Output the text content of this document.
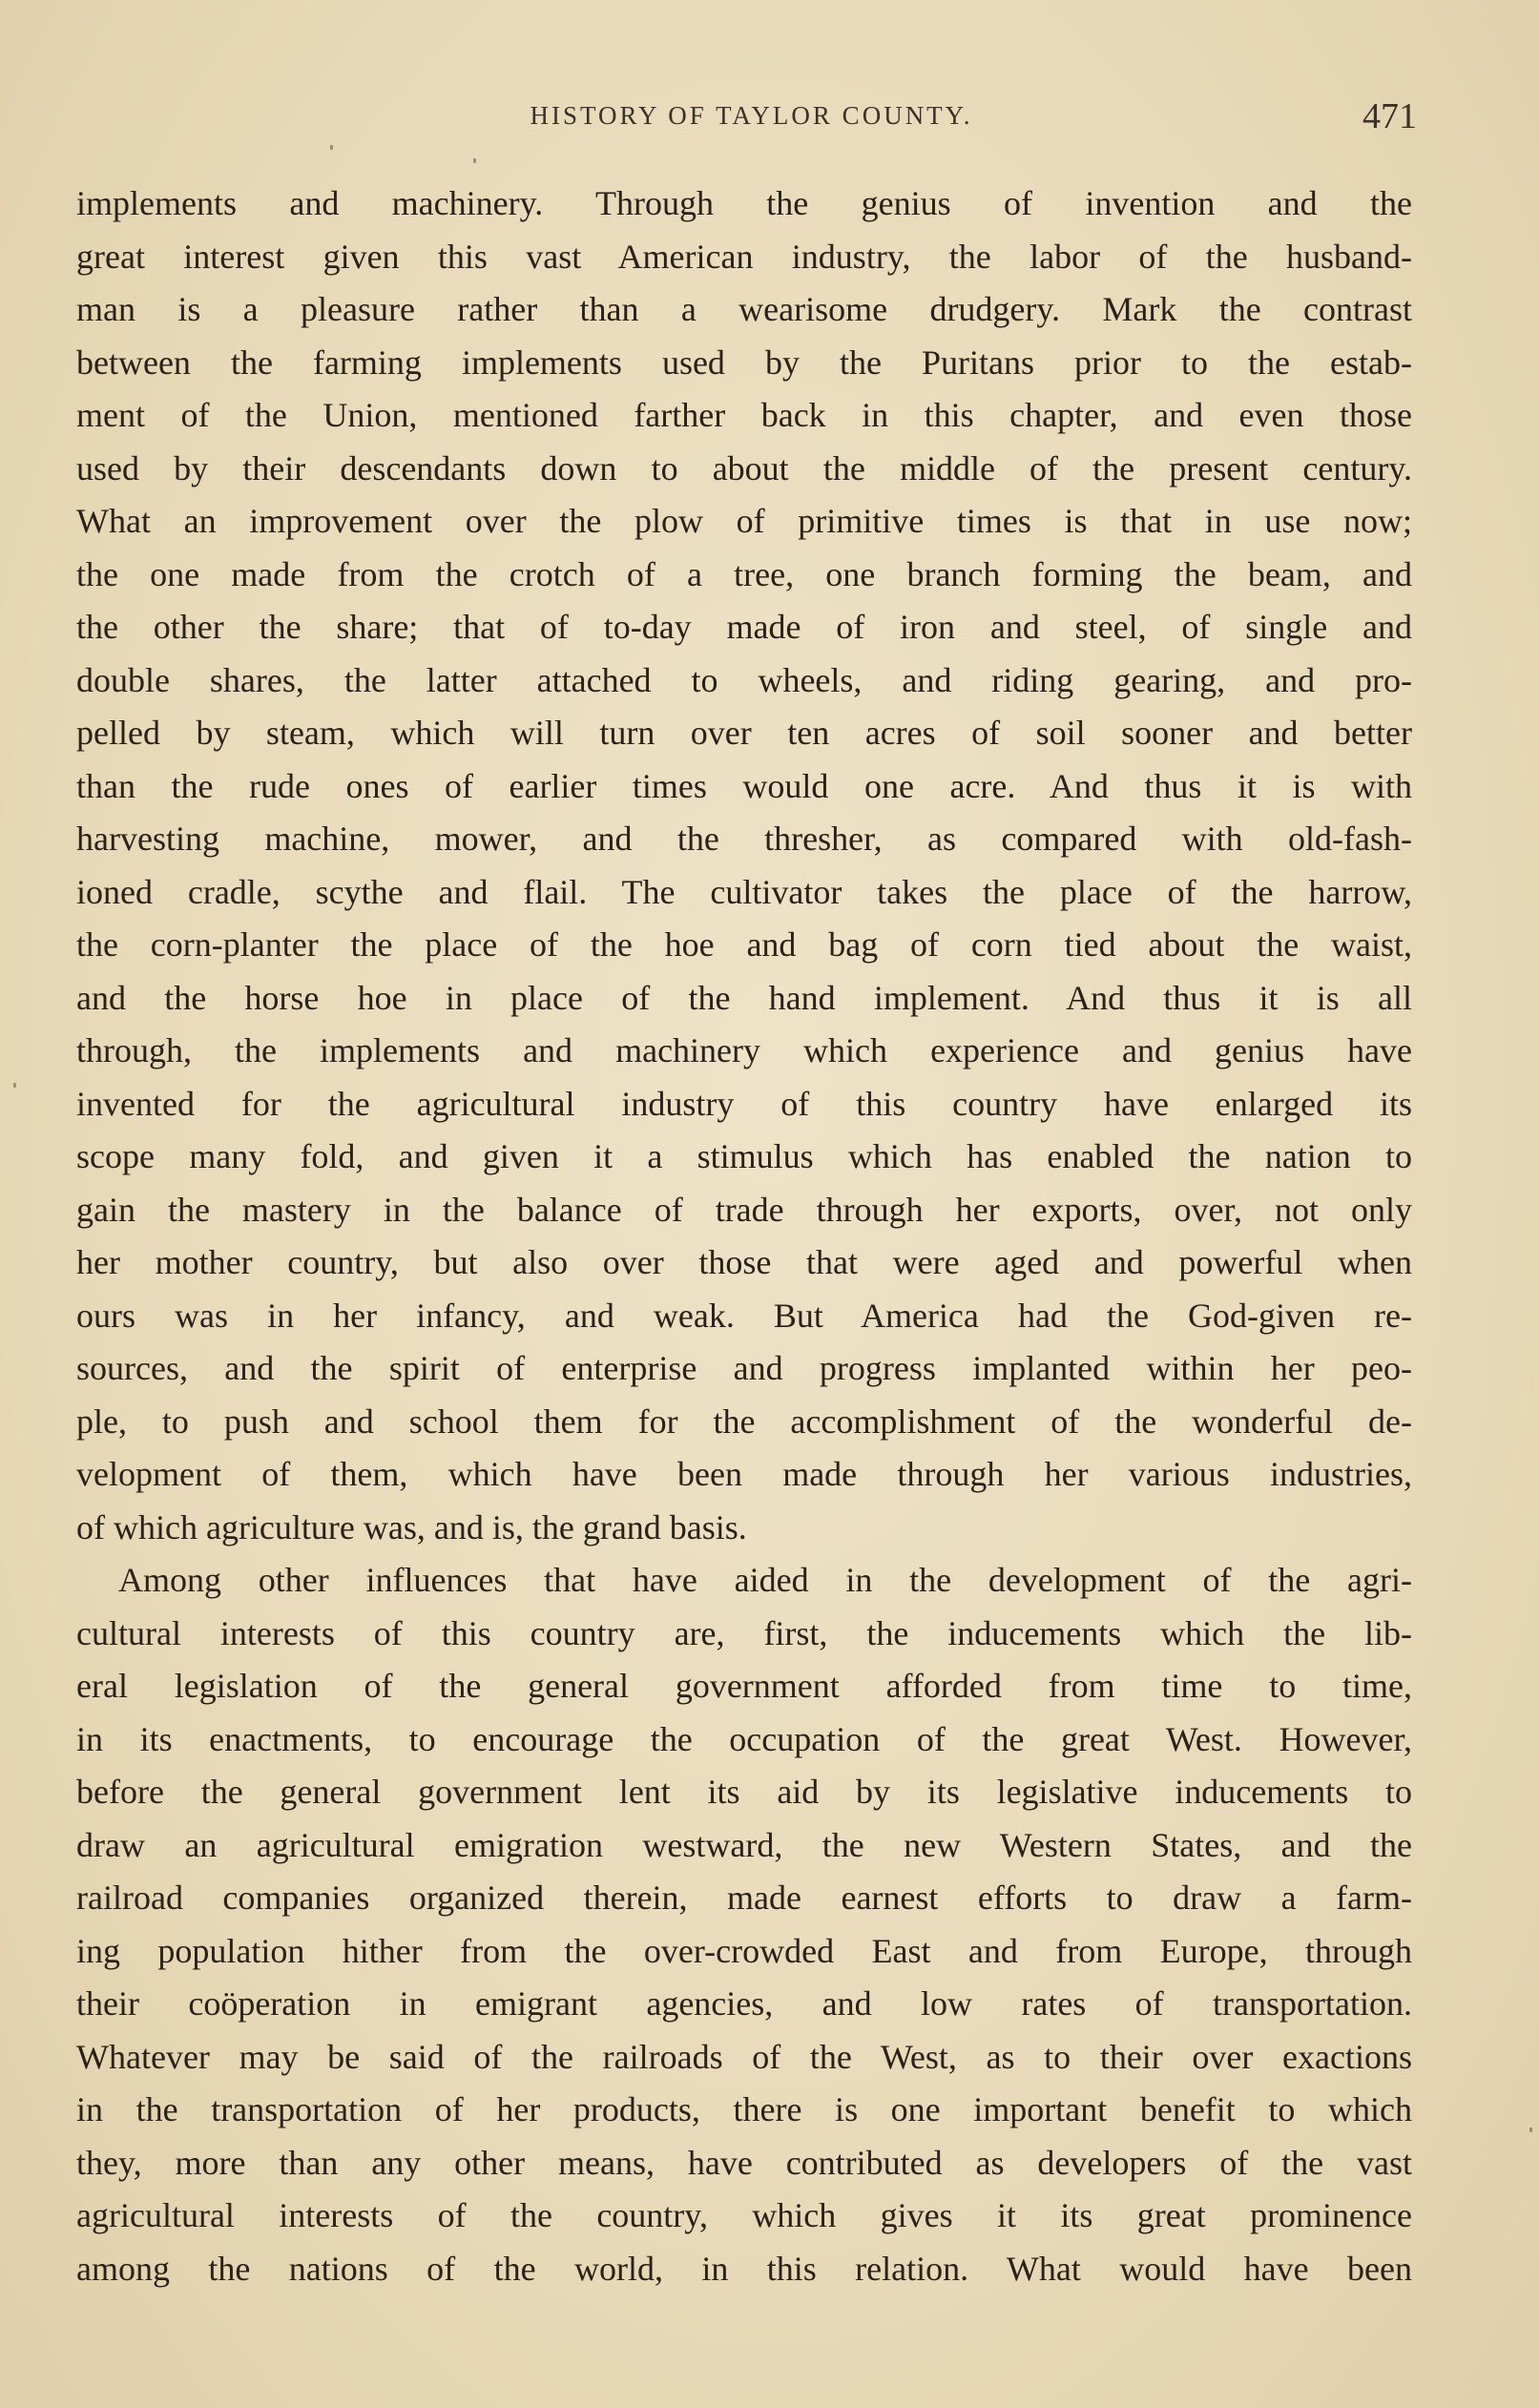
HISTORY OF TAYLOR COUNTY.	471
implements and machinery. Through the genius of invention and the
great interest given this vast American industry, the labor of the husband-
man is a pleasure rather than a wearisome drudgery. Mark the contrast
between the farming implements used by the Puritans prior to the estab-
ment of the Union, mentioned farther back in this chapter, and even those
used by their descendants down to about the middle of the present century.
What an improvement over the plow of primitive times is that in use now;
the one made from the crotch of a tree, one branch forming the beam, and
the other the share; that of to-day made of iron and steel, of single and
double shares, the latter attached to wheels, and riding gearing, and pro-
pelled by steam, which will turn over ten acres of soil sooner and better
than the rude ones of earlier times would one acre. And thus it is with
harvesting machine, mower, and the thresher, as compared with old-fash-
ioned cradle, scythe and flail. The cultivator takes the place of the harrow,
the corn-planter the place of the hoe and bag of corn tied about the waist,
and the horse hoe in place of the hand implement. And thus it is all
through, the implements and machinery which experience and genius have
invented for the agricultural industry of this country have enlarged its
scope many fold, and given it a stimulus which has enabled the nation to
gain the mastery in the balance of trade through her exports, over, not only
her mother country, but also over those that were aged and powerful when
ours was in her infancy, and weak. But America had the God-given re-
sources, and the spirit of enterprise and progress implanted within her peo-
ple, to push and school them for the accomplishment of the wonderful de-
velopment of them, which have been made through her various industries,
of which agriculture was, and is, the grand basis.
Among other influences that have aided in the development of the agri-
cultural interests of this country are, first, the inducements which the lib-
eral legislation of the general government afforded from time to time,
in its enactments, to encourage the occupation of the great West. However,
before the general government lent its aid by its legislative inducements to
draw an agricultural emigration westward, the new Western States, and the
railroad companies organized therein, made earnest efforts to draw a farm-
ing population hither from the over-crowded East and from Europe, through
their coöperation in emigrant agencies, and low rates of transportation.
Whatever may be said of the railroads of the West, as to their over exactions
in the transportation of her products, there is one important benefit to which
they, more than any other means, have contributed as developers of the vast
agricultural interests of the country, which gives it its great prominence
among the nations of the world, in this relation. What would have been
